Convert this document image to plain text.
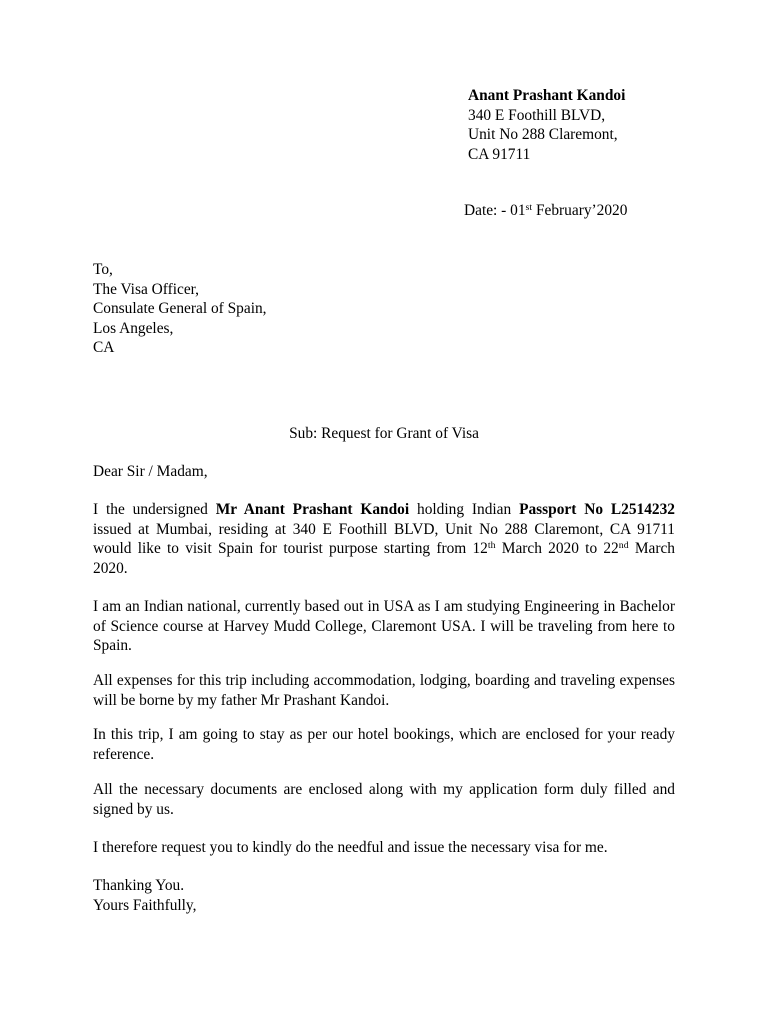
Anant Prashant Kandoi
340 E Foothill BLVD,
Unit No 288 Claremont,
CA 91711
Date: - 01st February’2020
To,
The Visa Officer,
Consulate General of Spain,
Los Angeles,
CA
Sub: Request for Grant of Visa
Dear Sir / Madam,
I the undersigned Mr Anant Prashant Kandoi holding Indian Passport No L2514232
issued at Mumbai, residing at 340 E Foothill BLVD, Unit No 288 Claremont, CA 91711
would like to visit Spain for tourist purpose starting from 12th March 2020 to 22nd March
2020.
I am an Indian national, currently based out in USA as I am studying Engineering in Bachelor
of Science course at Harvey Mudd College, Claremont USA. I will be traveling from here to
Spain.
All expenses for this trip including accommodation, lodging, boarding and traveling expenses
will be borne by my father Mr Prashant Kandoi.
In this trip, I am going to stay as per our hotel bookings, which are enclosed for your ready
reference.
All the necessary documents are enclosed along with my application form duly filled and
signed by us.
I therefore request you to kindly do the needful and issue the necessary visa for me.
Thanking You.
Yours Faithfully,
